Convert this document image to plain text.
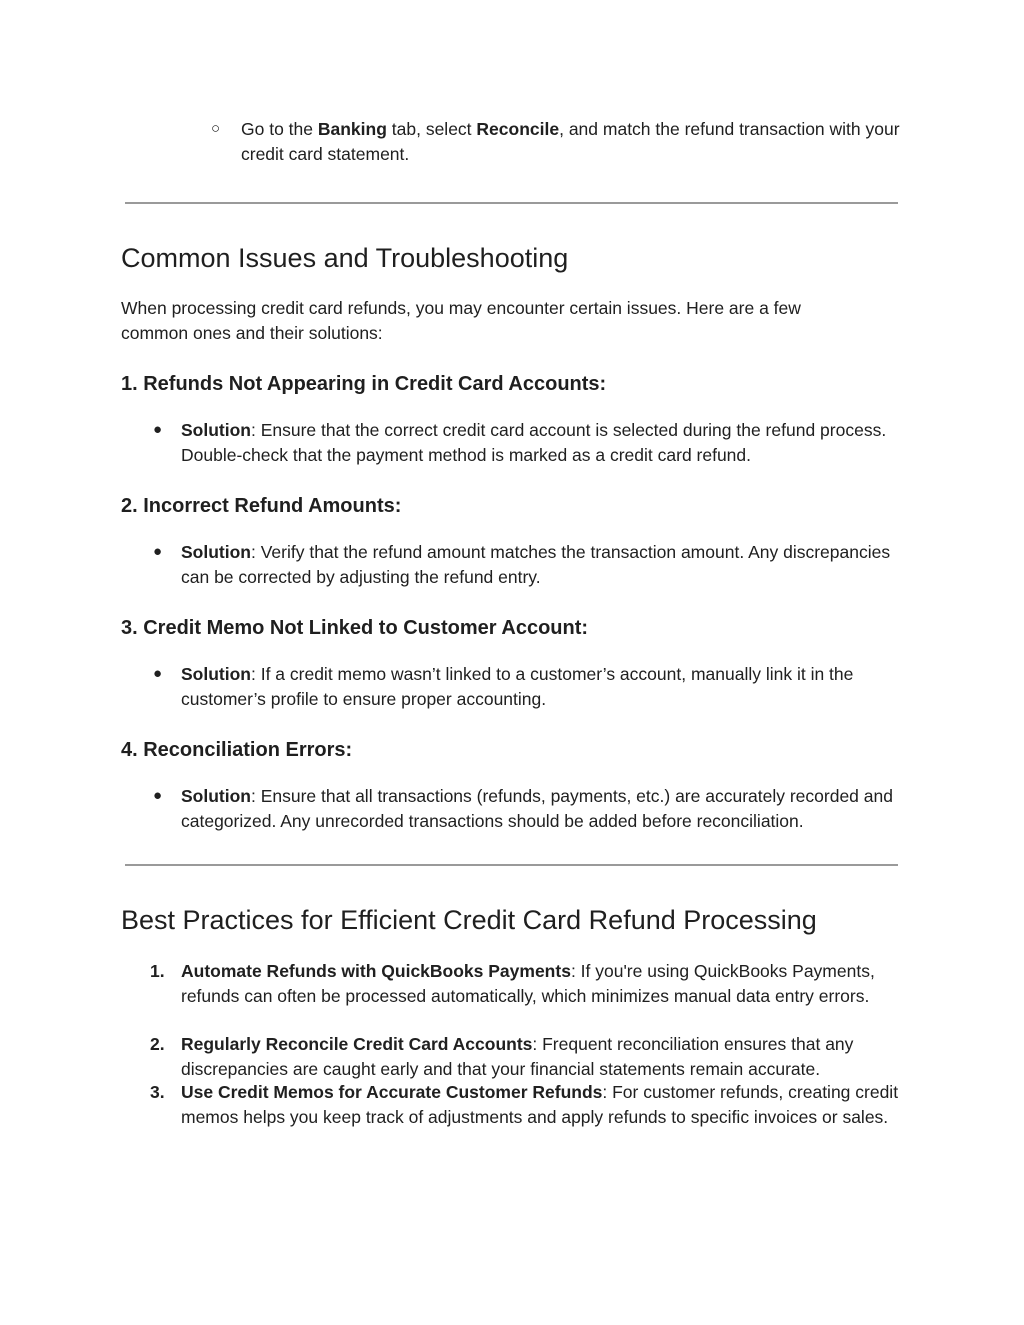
○ Go to the Banking tab, select Reconcile, and match the refund transaction with your credit card statement.

Common Issues and Troubleshooting

When processing credit card refunds, you may encounter certain issues. Here are a few common ones and their solutions:

1. Refunds Not Appearing in Credit Card Accounts:

● Solution: Ensure that the correct credit card account is selected during the refund process. Double-check that the payment method is marked as a credit card refund.

2. Incorrect Refund Amounts:

● Solution: Verify that the refund amount matches the transaction amount. Any discrepancies can be corrected by adjusting the refund entry.

3. Credit Memo Not Linked to Customer Account:

● Solution: If a credit memo wasn’t linked to a customer’s account, manually link it in the customer’s profile to ensure proper accounting.

4. Reconciliation Errors:

● Solution: Ensure that all transactions (refunds, payments, etc.) are accurately recorded and categorized. Any unrecorded transactions should be added before reconciliation.

Best Practices for Efficient Credit Card Refund Processing

1. Automate Refunds with QuickBooks Payments: If you're using QuickBooks Payments, refunds can often be processed automatically, which minimizes manual data entry errors.

2. Regularly Reconcile Credit Card Accounts: Frequent reconciliation ensures that any discrepancies are caught early and that your financial statements remain accurate.

3. Use Credit Memos for Accurate Customer Refunds: For customer refunds, creating credit memos helps you keep track of adjustments and apply refunds to specific invoices or sales.
